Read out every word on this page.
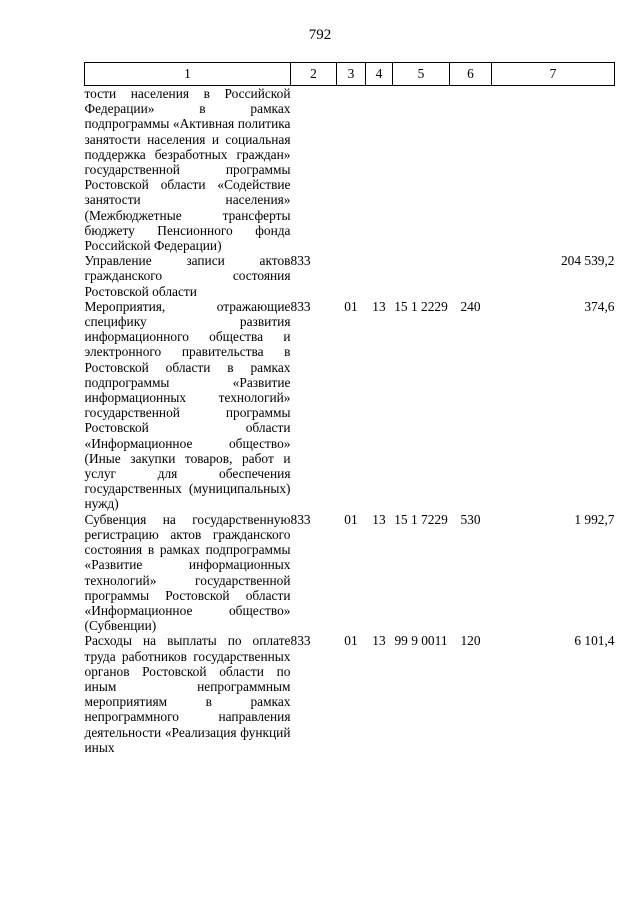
792
1	2	3	4	5	6	7
тости населения в Российской Федерации» в рамках подпрограммы «Активная политика занятости населения и социальная поддержка безработных граждан» государственной программы Ростовской области «Содействие занятости населения» (Межбюджетные трансферты бюджету Пенсионного фонда Российской Федерации)						
Управление записи актов гражданского состояния Ростовской области	833					204 539,2
Мероприятия, отражающие специфику развития информационного общества и электронного правительства в Ростовской области в рамках подпрограммы «Развитие информационных технологий» государственной программы Ростовской области «Информационное общество» (Иные закупки товаров, работ и услуг для обеспечения государственных (муниципальных) нужд)	833	01	13	15 1 2229	240	374,6
Субвенция на государственную регистрацию актов гражданского состояния в рамках подпрограммы «Развитие информационных технологий» государственной программы Ростовской области «Информационное общество» (Субвенции)	833	01	13	15 1 7229	530	1 992,7
Расходы на выплаты по оплате труда работников государственных органов Ростовской области по иным непрограммным мероприятиям в рамках непрограммного направления деятельности «Реализация функций иных	833	01	13	99 9 0011	120	6 101,4
